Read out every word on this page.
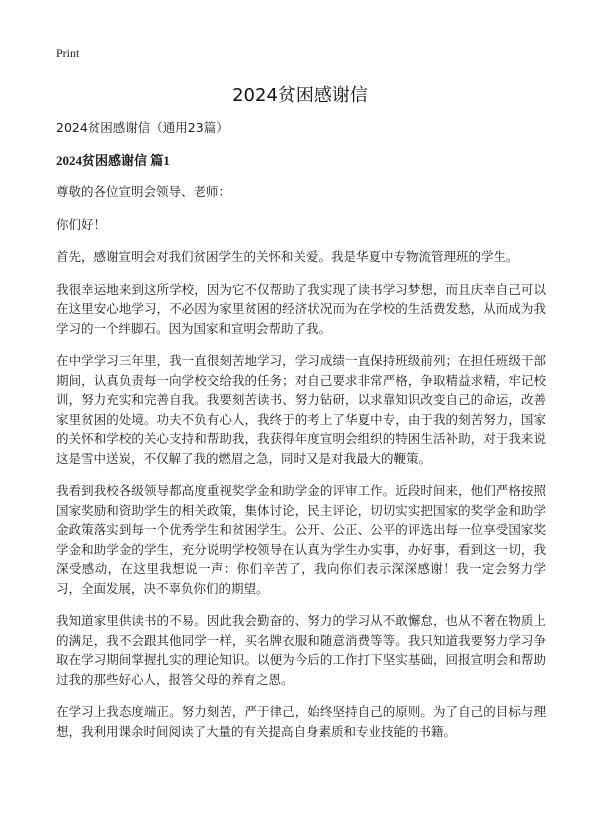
Print
2024贫困感谢信

2024贫困感谢信（通用23篇）

2024贫困感谢信 篇1

尊敬的各位宣明会领导、老师：

你们好！

首先，感谢宣明会对我们贫困学生的关怀和关爱。我是华夏中专物流管理班的学生。

我很幸运地来到这所学校，因为它不仅帮助了我实现了读书学习梦想，而且庆幸自己可以在这里安心地学习，不必因为家里贫困的经济状况而为在学校的生活费发愁，从而成为我学习的一个绊脚石。因为国家和宣明会帮助了我。

在中学学习三年里，我一直很刻苦地学习，学习成绩一直保持班级前列；在担任班级干部期间，认真负责每一向学校交给我的任务；对自己要求非常严格，争取精益求精，牢记校训，努力充实和完善自我。我要刻苦读书、努力钻研，以求靠知识改变自己的命运，改善家里贫困的处境。功夫不负有心人，我终于的考上了华夏中专，由于我的刻苦努力，国家的关怀和学校的关心支持和帮助我，我获得年度宣明会组织的特困生活补助，对于我来说这是雪中送炭，不仅解了我的燃眉之急，同时又是对我最大的鞭策。

我看到我校各级领导都高度重视奖学金和助学金的评审工作。近段时间来，他们严格按照国家奖励和资助学生的相关政策，集体讨论，民主评论，切切实实把国家的奖学金和助学金政策落实到每一个优秀学生和贫困学生。公开、公正、公平的评选出每一位享受国家奖学金和助学金的学生，充分说明学校领导在认真为学生办实事，办好事，看到这一切，我深受感动，在这里我想说一声：你们辛苦了，我向你们表示深深感谢！我一定会努力学习，全面发展，决不辜负你们的期望。

我知道家里供读书的不易。因此我会勤奋的、努力的学习从不敢懈怠，也从不奢在物质上的满足，我不会跟其他同学一样，买名牌衣服和随意消费等等。我只知道我要努力学习争取在学习期间掌握扎实的理论知识。以便为今后的工作打下坚实基础，回报宣明会和帮助过我的那些好心人，报答父母的养育之恩。

在学习上我态度端正。努力刻苦，严于律己，始终坚持自己的原则。为了自己的目标与理想，我利用课余时间阅读了大量的有关提高自身素质和专业技能的书籍。
